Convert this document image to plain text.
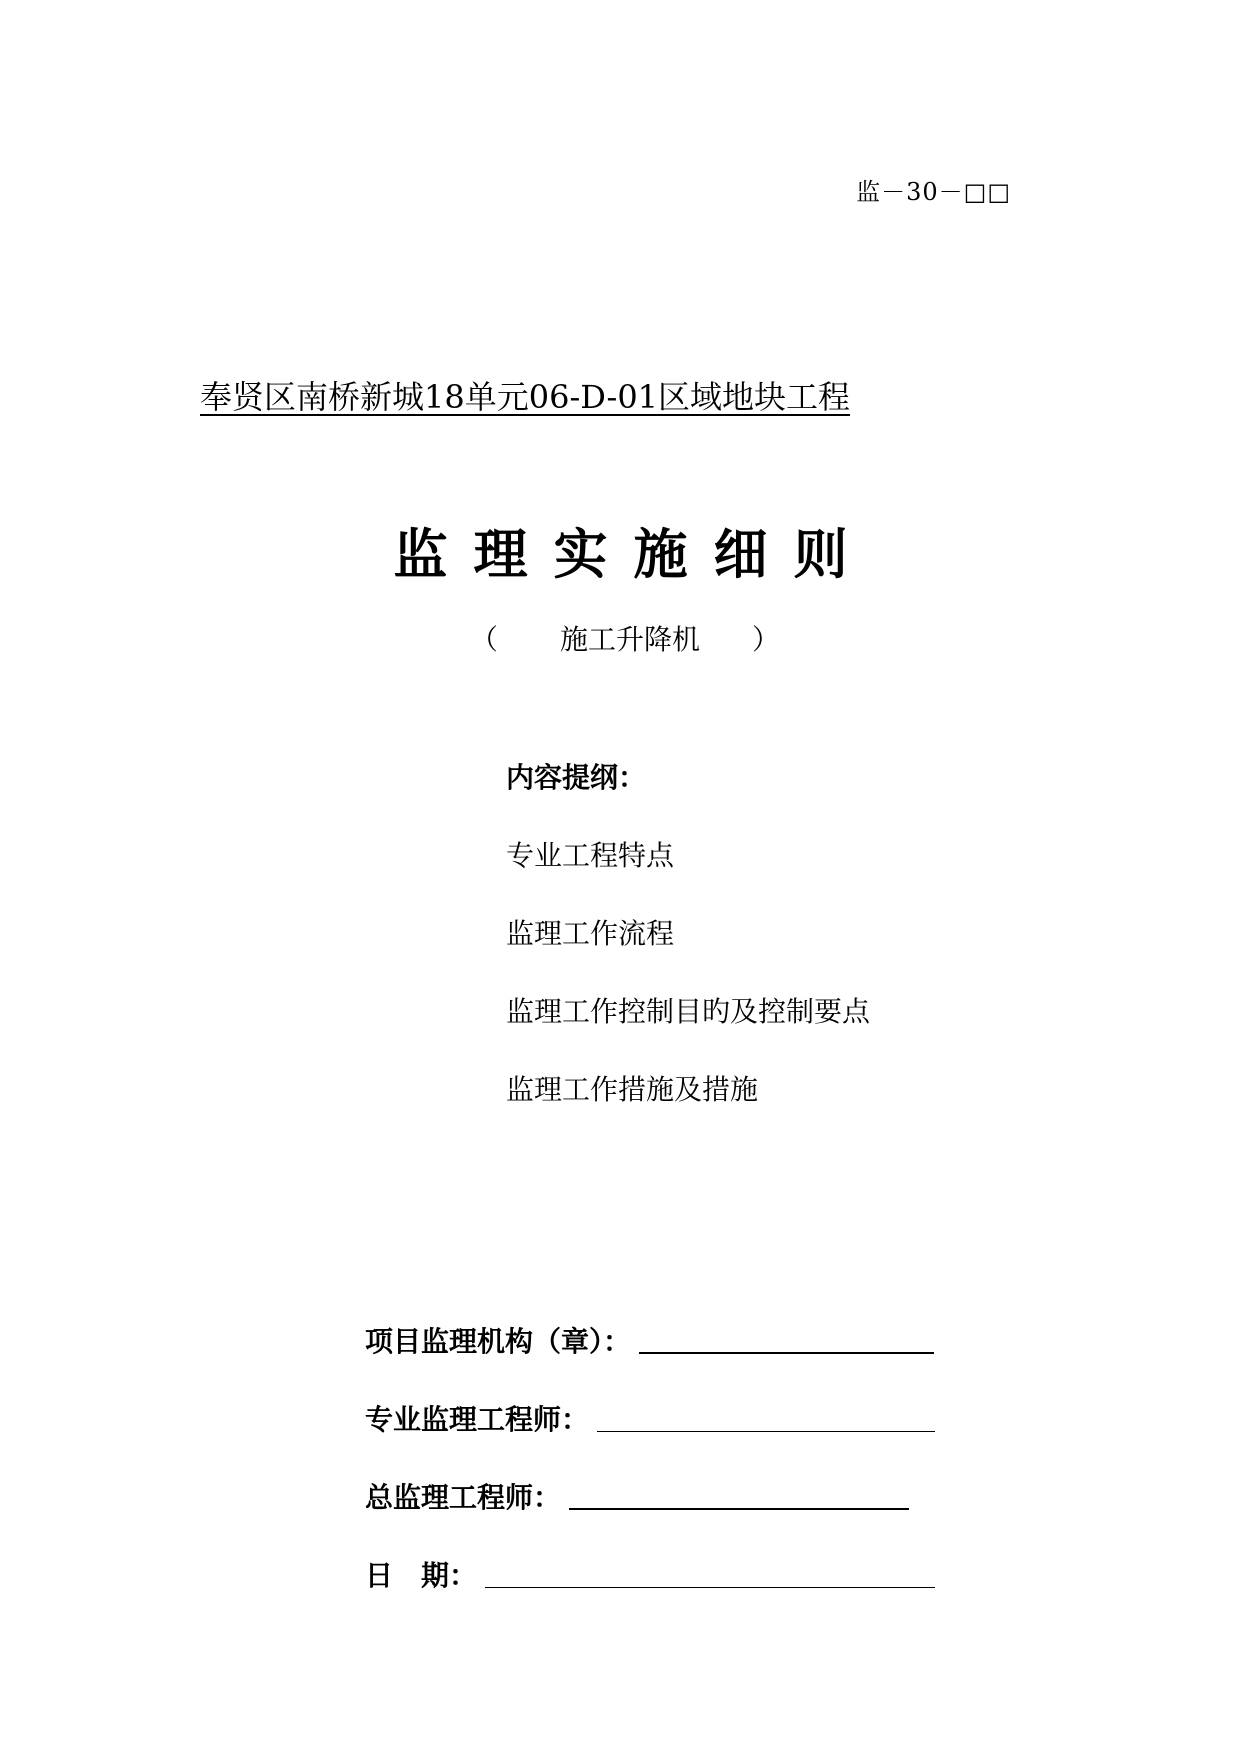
监－30－□□
奉贤区南桥新城18单元06-D-01区域地块工程
监理实施细则
（ 施工升降机 ）
内容提纲：
专业工程特点
监理工作流程
监理工作控制目旳及控制要点
监理工作措施及措施
项目监理机构（章）：
专业监理工程师：
总监理工程师：
日　期：
